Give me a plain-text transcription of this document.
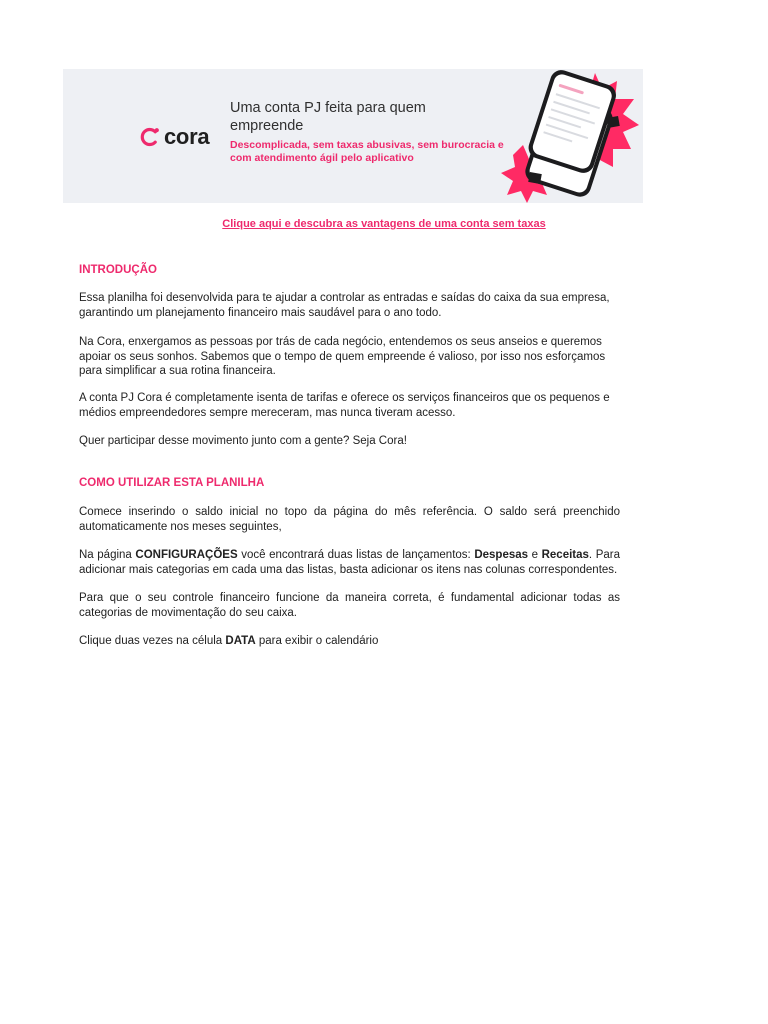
cora
Uma conta PJ feita para quem empreende
Descomplicada, sem taxas abusivas, sem burocracia e com atendimento ágil pelo aplicativo
Clique aqui e descubra as vantagens de uma conta sem taxas
INTRODUÇÃO
Essa planilha foi desenvolvida para te ajudar a controlar as entradas e saídas do caixa da sua empresa, garantindo um planejamento financeiro mais saudável para o ano todo.
Na Cora, enxergamos as pessoas por trás de cada negócio, entendemos os seus anseios e queremos apoiar os seus sonhos. Sabemos que o tempo de quem empreende é valioso, por isso nos esforçamos para simplificar a sua rotina financeira.
A conta PJ Cora é completamente isenta de tarifas e oferece os serviços financeiros que os pequenos e médios empreendedores sempre mereceram, mas nunca tiveram acesso.
Quer participar desse movimento junto com a gente? Seja Cora!
COMO UTILIZAR ESTA PLANILHA
Comece inserindo o saldo inicial no topo da página do mês referência. O saldo será preenchido automaticamente nos meses seguintes,
Na página CONFIGURAÇÕES você encontrará duas listas de lançamentos: Despesas e Receitas. Para adicionar mais categorias em cada uma das listas, basta adicionar os itens nas colunas correspondentes.
Para que o seu controle financeiro funcione da maneira correta, é fundamental adicionar todas as categorias de movimentação do seu caixa.
Clique duas vezes na célula DATA para exibir o calendário
